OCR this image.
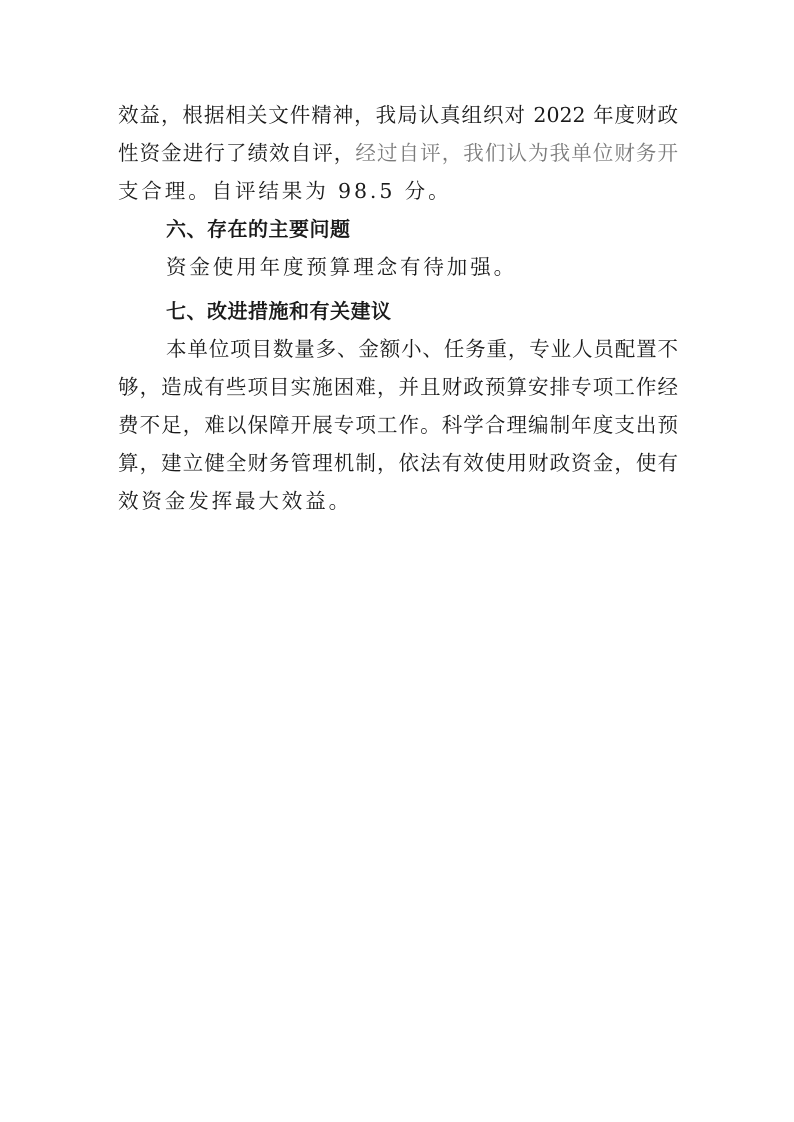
效益，根据相关文件精神，我局认真组织对 2022 年度财政
性资金进行了绩效自评，经过自评，我们认为我单位财务开
支合理。自评结果为 98.5 分。
六、存在的主要问题
资金使用年度预算理念有待加强。
七、改进措施和有关建议
本单位项目数量多、金额小、任务重，专业人员配置不
够，造成有些项目实施困难，并且财政预算安排专项工作经
费不足，难以保障开展专项工作。科学合理编制年度支出预
算，建立健全财务管理机制，依法有效使用财政资金，使有
效资金发挥最大效益。
